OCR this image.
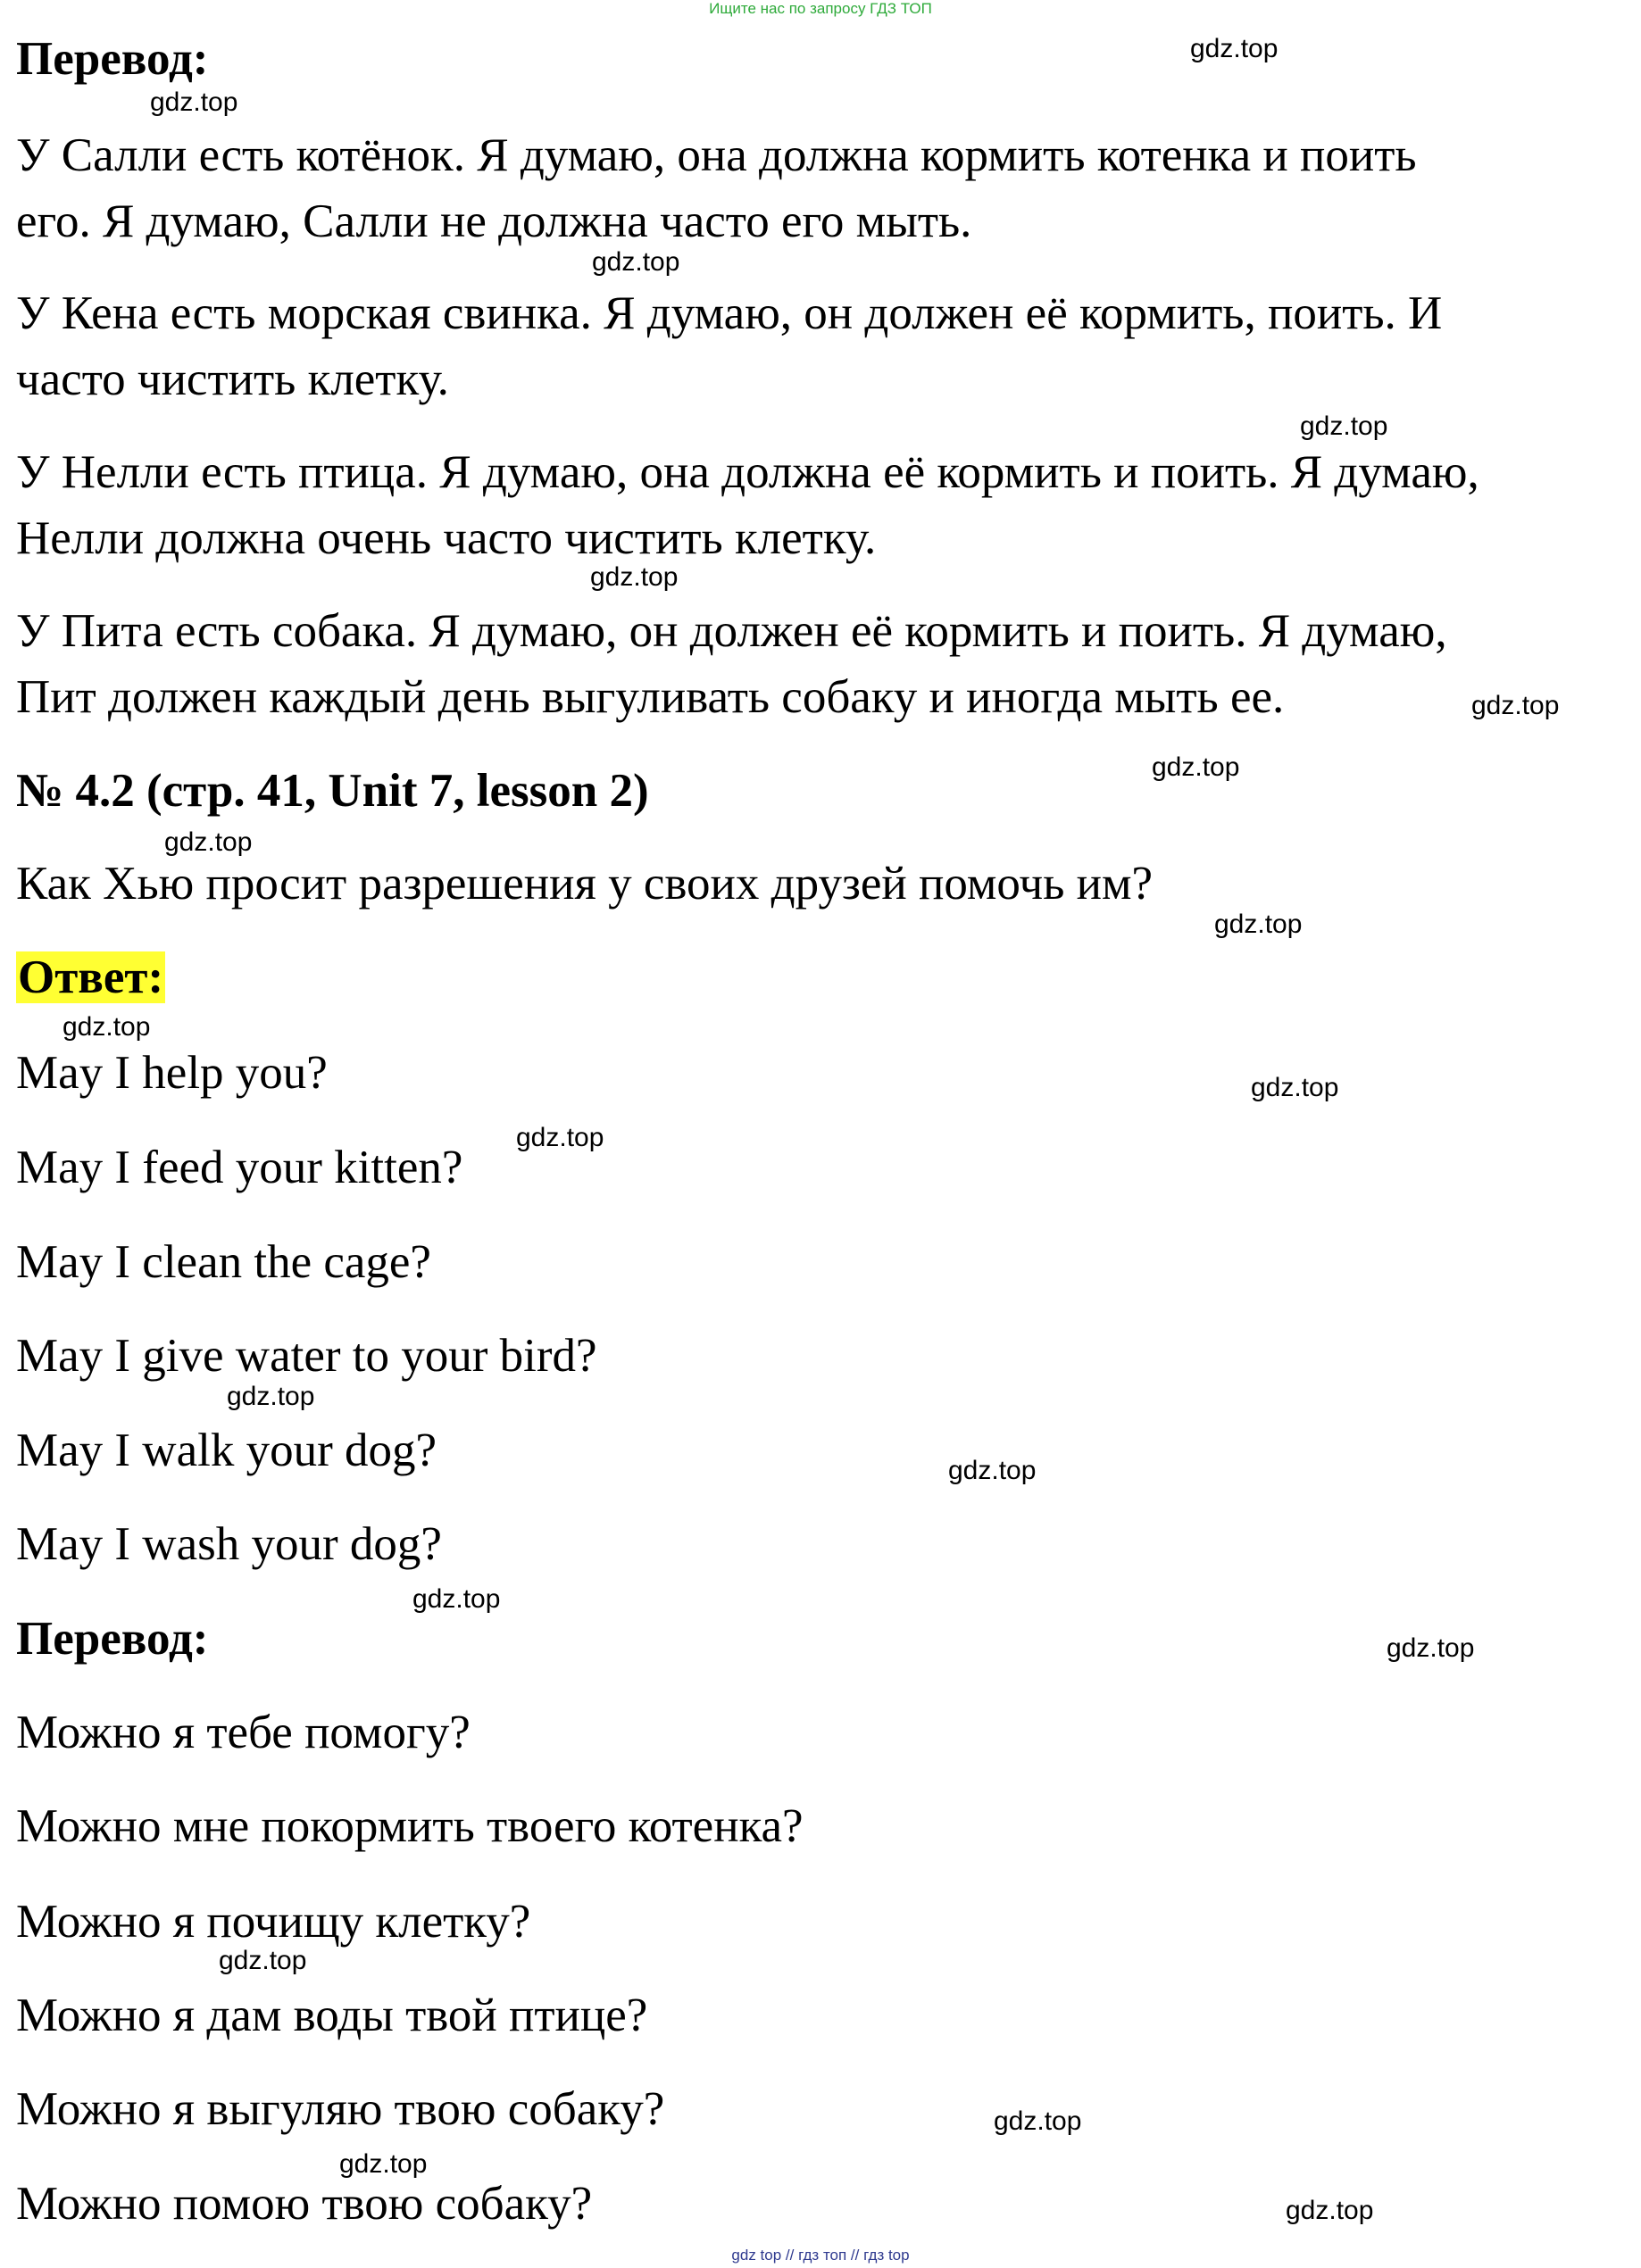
Ищите нас по запросу ГДЗ ТОП
Перевод:
У Салли есть котёнок. Я думаю, она должна кормить котенка и поить
его. Я думаю, Салли не должна часто его мыть.
У Кена есть морская свинка. Я думаю, он должен её кормить, поить. И
часто чистить клетку.
У Нелли есть птица. Я думаю, она должна её кормить и поить. Я думаю,
Нелли должна очень часто чистить клетку.
У Пита есть собака. Я думаю, он должен её кормить и поить. Я думаю,
Пит должен каждый день выгуливать собаку и иногда мыть ее.
№ 4.2 (стр. 41, Unit 7, lesson 2)
Как Хью просит разрешения у своих друзей помочь им?
Ответ:
May I help you?
May I feed your kitten?
May I clean the cage?
May I give water to your bird?
May I walk your dog?
May I wash your dog?
Перевод:
Можно я тебе помогу?
Можно мне покормить твоего котенка?
Можно я почищу клетку?
Можно я дам воды твой птице?
Можно я выгуляю твою собаку?
Можно помою твою собаку?
gdz.top
gdz.top
gdz.top
gdz.top
gdz.top
gdz.top
gdz.top
gdz.top
gdz.top
gdz.top
gdz.top
gdz.top
gdz.top
gdz.top
gdz.top
gdz.top
gdz.top
gdz.top
gdz.top
gdz.top
gdz top // гдз топ // гдз top
